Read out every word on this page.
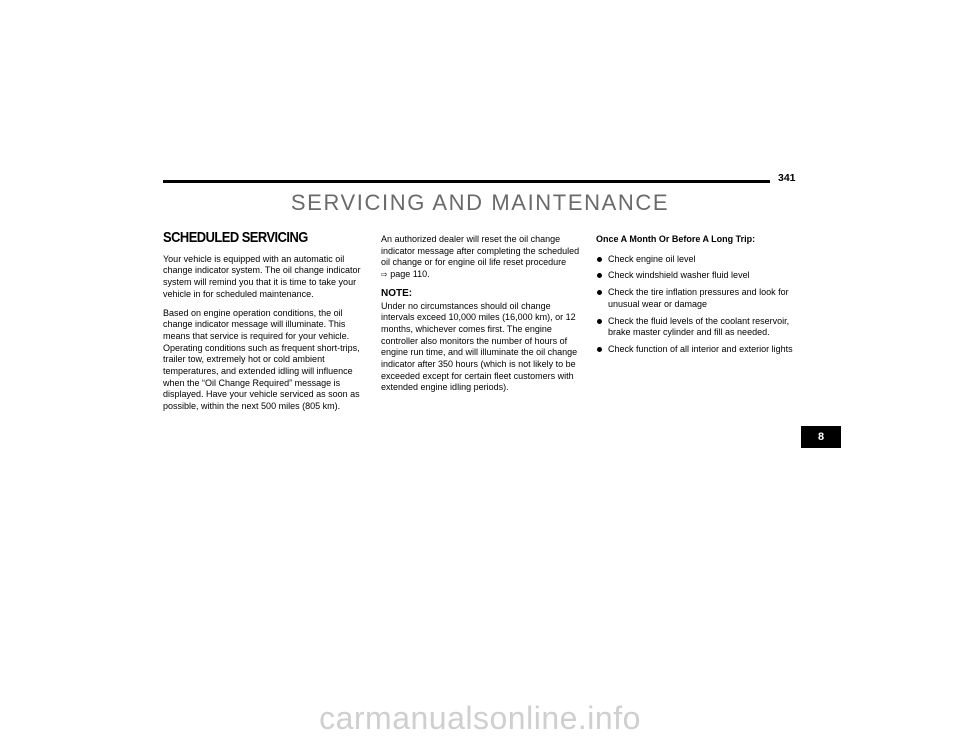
341
SERVICING AND MAINTENANCE
SCHEDULED SERVICING

Your vehicle is equipped with an automatic oil change indicator system. The oil change indicator system will remind you that it is time to take your vehicle in for scheduled maintenance.

Based on engine operation conditions, the oil change indicator message will illuminate. This means that service is required for your vehicle. Operating conditions such as frequent short-trips, trailer tow, extremely hot or cold ambient temperatures, and extended idling will influence when the “Oil Change Required” message is displayed. Have your vehicle serviced as soon as possible, within the next 500 miles (805 km).

An authorized dealer will reset the oil change indicator message after completing the scheduled oil change or for engine oil life reset procedure
⇨ page 110.

NOTE:

Under no circumstances should oil change intervals exceed 10,000 miles (16,000 km), or 12 months, whichever comes first. The engine controller also monitors the number of hours of engine run time, and will illuminate the oil change indicator after 350 hours (which is not likely to be exceeded except for certain fleet customers with extended engine idling periods).

Once A Month Or Before A Long Trip:
Check engine oil level
Check windshield washer fluid level
Check the tire inflation pressures and look for unusual wear or damage
Check the fluid levels of the coolant reservoir, brake master cylinder and fill as needed.
Check function of all interior and exterior lights
8
carmanualsonline.info
